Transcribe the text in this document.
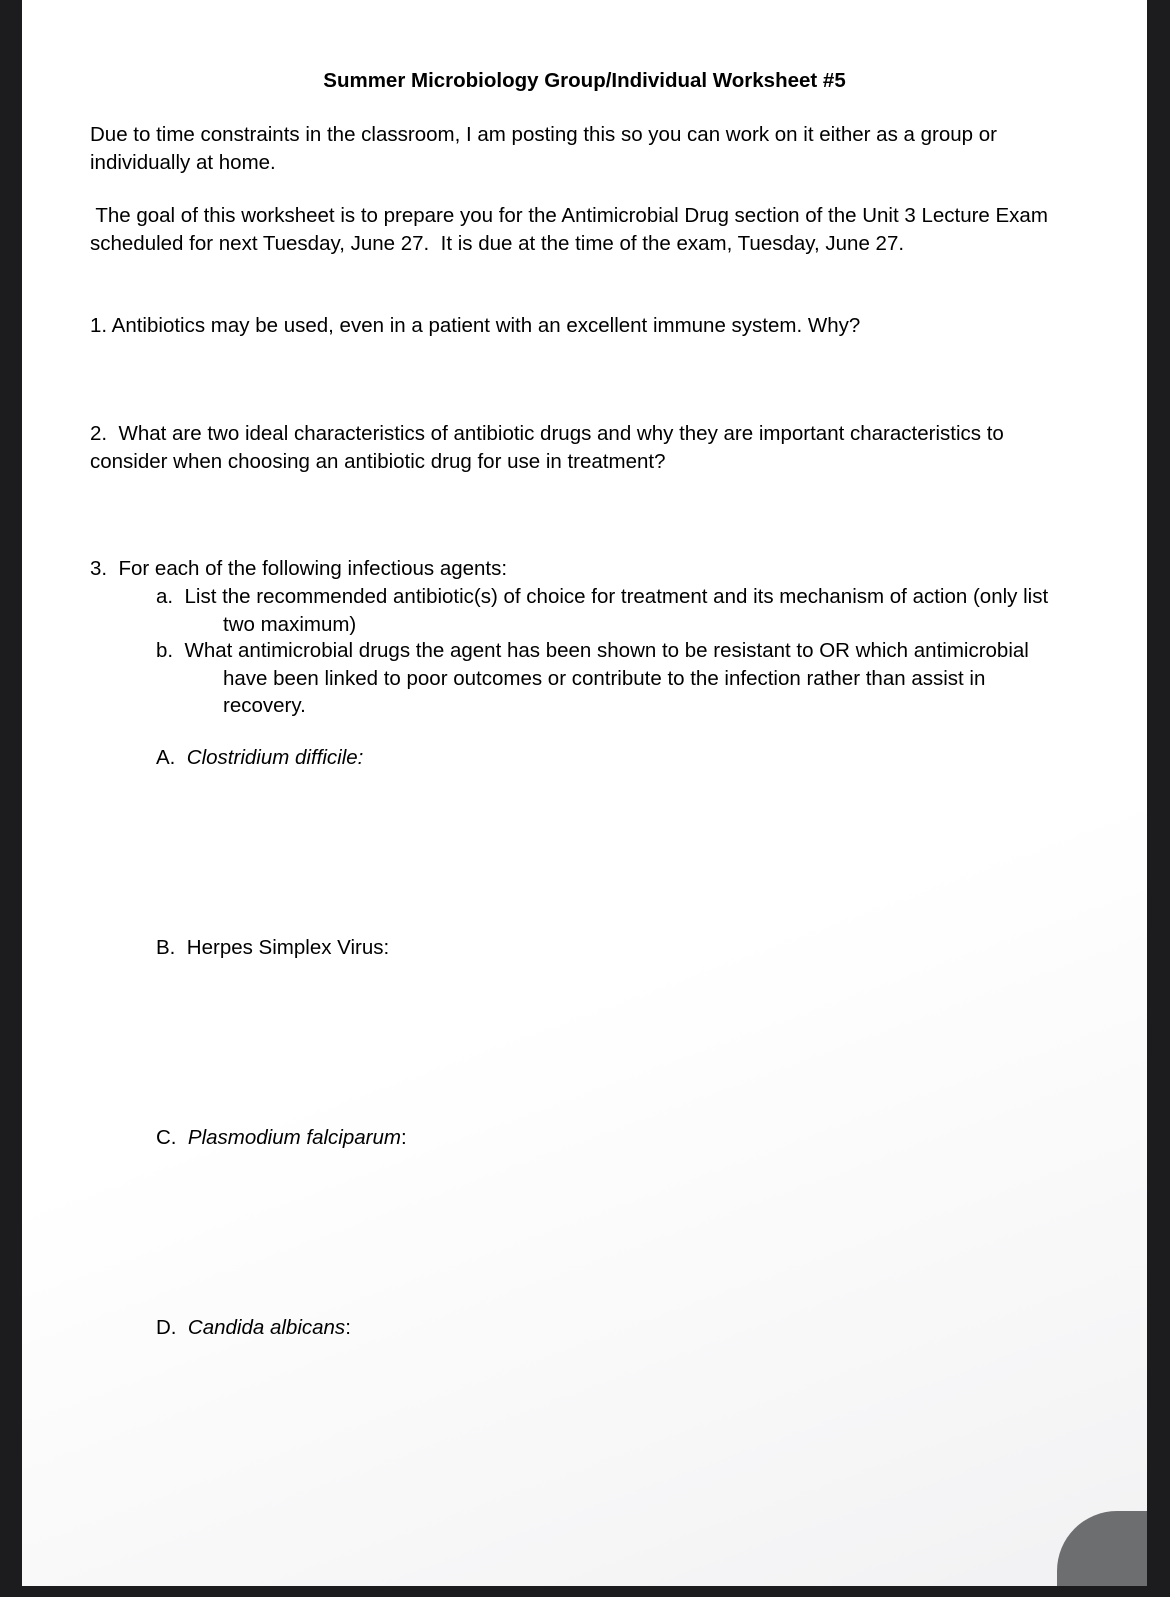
Summer Microbiology Group/Individual Worksheet #5

Due to time constraints in the classroom, I am posting this so you can work on it either as a group or
individually at home.

The goal of this worksheet is to prepare you for the Antimicrobial Drug section of the Unit 3 Lecture Exam
scheduled for next Tuesday, June 27.  It is due at the time of the exam, Tuesday, June 27.

1. Antibiotics may be used, even in a patient with an excellent immune system. Why?

2.  What are two ideal characteristics of antibiotic drugs and why they are important characteristics to
consider when choosing an antibiotic drug for use in treatment?

3.  For each of the following infectious agents:

a.  List the recommended antibiotic(s) of choice for treatment and its mechanism of action (only list
two maximum)
b.  What antimicrobial drugs the agent has been shown to be resistant to OR which antimicrobial
have been linked to poor outcomes or contribute to the infection rather than assist in
recovery.
A. Clostridium difficile:
B. Herpes Simplex Virus:
C. Plasmodium falciparum:
D. Candida albicans:
